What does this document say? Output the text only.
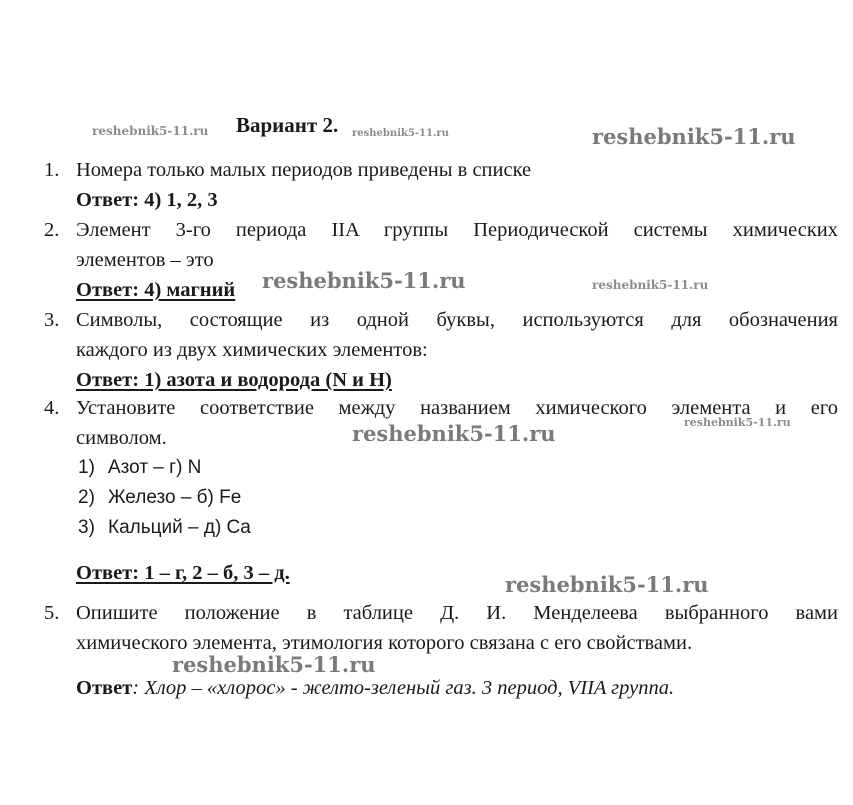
reshebnik5-11.ru	reshebnik5-11.ru	reshebnik5-11.ru
reshebnik5-11.ru	reshebnik5-11.ru
reshebnik5-11.ru	reshebnik5-11.ru
reshebnik5-11.ru
reshebnik5-11.ru
Вариант 2.
1. Номера только малых периодов приведены в списке
Ответ: 4) 1, 2, 3
2. Элемент 3-го периода IIA группы Периодической системы химических
элементов – это
Ответ: 4) магний
3. Символы, состоящие из одной буквы, используются для обозначения
каждого из двух химических элементов:
Ответ: 1) азота и водорода (N и H)
4. Установите соответствие между названием химического элемента и его
символом.
1) Азот – г) N
2) Железо – б) Fe
3) Кальций – д) Ca
Ответ: 1 – г, 2 – б, 3 – д.
5. Опишите положение в таблице Д. И. Менделеева выбранного вами
химического элемента, этимология которого связана с его свойствами.
Ответ: Хлор – «хлорос» - желто-зеленый газ. 3 период, VIIA группа.
